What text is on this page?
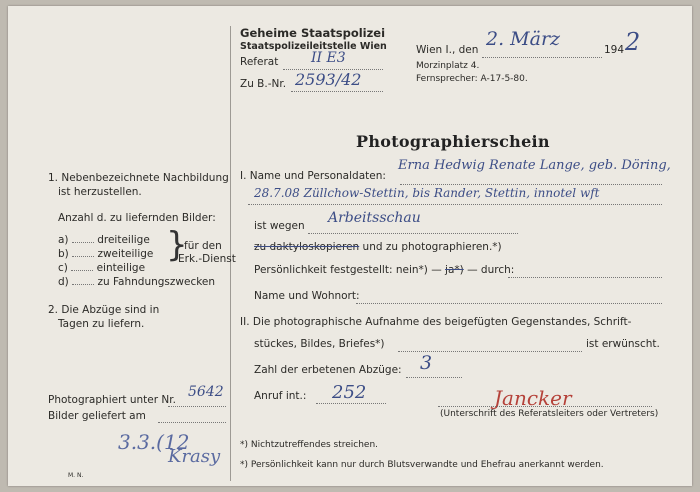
Geheime Staatspolizei
Staatspolizeileitstelle Wien
Referat II E3
Zu B.-Nr. 2593/42
Wien I., den 2. März	194 2
Morzinplatz 4.
Fernsprecher: A-17-5-80.
Photographierschein
I. Name und Personaldaten:
Erna Hedwig Renate Lange, geb. Döring,
28.7.08 Züllchow-Stettin, bis Rander, Stettin, innotel wft
ist wegen Arbeitsschau
zu daktyloskopieren und zu photographieren.*)
Persönlichkeit festgestellt: nein*) — ja*) — durch:
Name und Wohnort:
II. Die photographische Aufnahme des beigefügten Gegenstandes, Schrift-
stückes, Bildes, Briefes*)	ist erwünscht.
Zahl der erbetenen Abzüge: 3
Anruf int.: 252	Jancker
(Unterschrift des Referatsleiters oder Vertreters)
*) Nichtzutreffendes streichen.
*) Persönlichkeit kann nur durch Blutsverwandte und Ehefrau anerkannt werden.
1. Nebenbezeichnete Nachbildung
ist herzustellen.
Anzahl d. zu liefernden Bilder:
a)	dreiteilige
b)	zweiteilige
c)	einteilige
d)	zu Fahndungszwecken
}
für den
Erk.-Dienst
2. Die Abzüge sind in
Tagen zu liefern.
Photographiert unter Nr. 5642
Bilder geliefert am
3.3.(12
Krasy
M. N.
